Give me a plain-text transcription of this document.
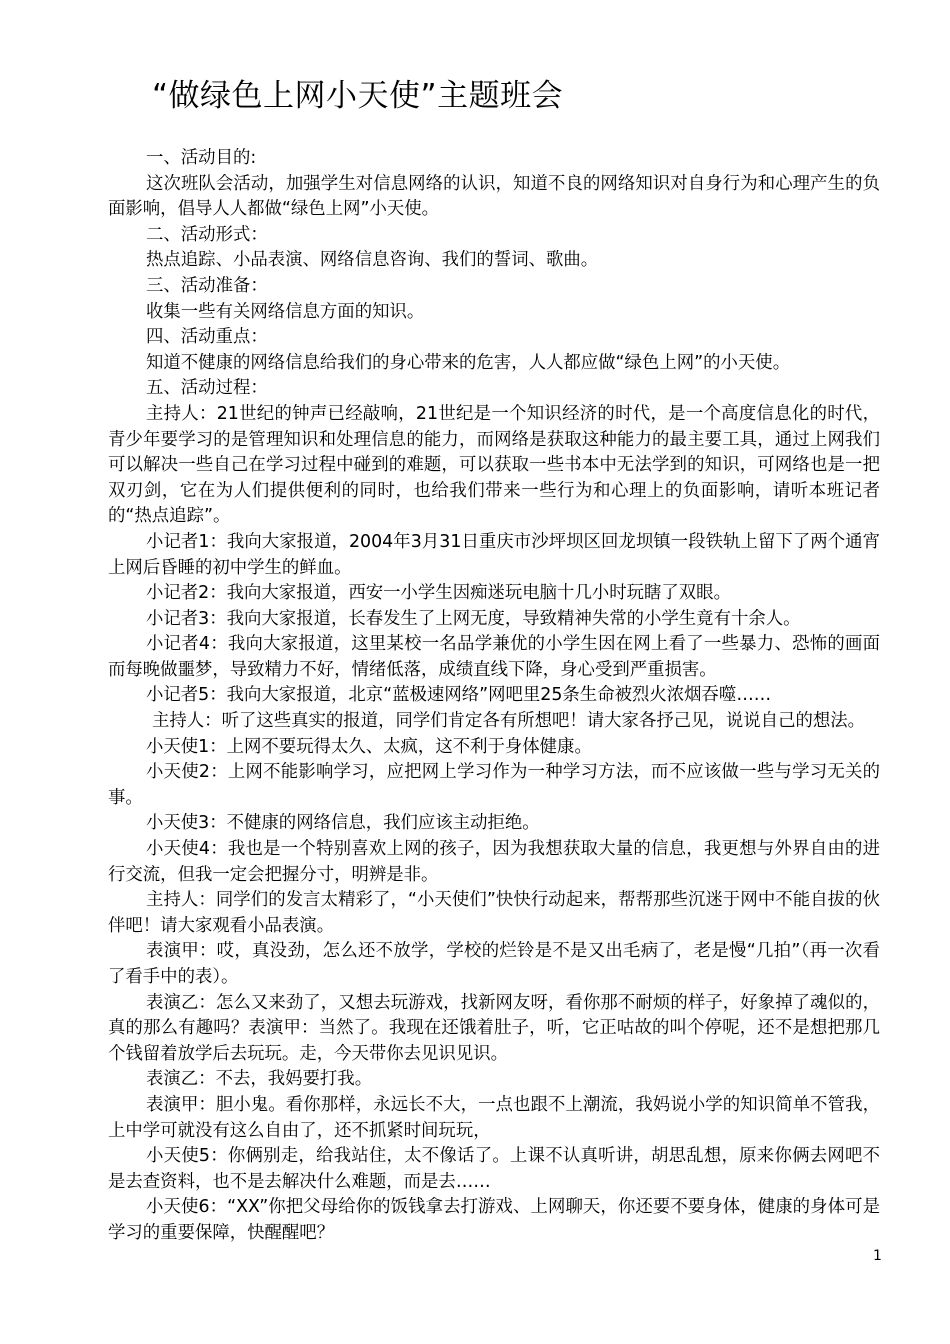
“做绿色上网小天使”主题班会

一、活动目的:

这次班队会活动，加强学生对信息网络的认识，知道不良的网络知识对自身行为和心理产生的负面影响，倡导人人都做“绿色上网”小天使。

二、活动形式：

热点追踪、小品表演、网络信息咨询、我们的誓词、歌曲。

三、活动准备：

收集一些有关网络信息方面的知识。

四、活动重点：

知道不健康的网络信息给我们的身心带来的危害，人人都应做“绿色上网”的小天使。

五、活动过程：

主持人：21世纪的钟声已经敲响，21世纪是一个知识经济的时代，是一个高度信息化的时代，青少年要学习的是管理知识和处理信息的能力，而网络是获取这种能力的最主要工具，通过上网我们可以解决一些自己在学习过程中碰到的难题，可以获取一些书本中无法学到的知识，可网络也是一把双刃剑，它在为人们提供便利的同时，也给我们带来一些行为和心理上的负面影响，请听本班记者的“热点追踪”。

小记者1：我向大家报道，2004年3月31日重庆市沙坪坝区回龙坝镇一段铁轨上留下了两个通宵上网后昏睡的初中学生的鲜血。

小记者2：我向大家报道，西安一小学生因痴迷玩电脑十几小时玩瞎了双眼。

小记者3：我向大家报道，长春发生了上网无度，导致精神失常的小学生竟有十余人。

小记者4：我向大家报道，这里某校一名品学兼优的小学生因在网上看了一些暴力、恐怖的画面而每晚做噩梦，导致精力不好，情绪低落，成绩直线下降，身心受到严重损害。

小记者5：我向大家报道，北京“蓝极速网络”网吧里25条生命被烈火浓烟吞噬……

主持人：听了这些真实的报道，同学们肯定各有所想吧！请大家各抒己见，说说自己的想法。

小天使1：上网不要玩得太久、太疯，这不利于身体健康。

小天使2：上网不能影响学习，应把网上学习作为一种学习方法，而不应该做一些与学习无关的事。

小天使3：不健康的网络信息，我们应该主动拒绝。

小天使4：我也是一个特别喜欢上网的孩子，因为我想获取大量的信息，我更想与外界自由的进行交流，但我一定会把握分寸，明辨是非。

主持人：同学们的发言太精彩了，“小天使们”快快行动起来，帮帮那些沉迷于网中不能自拔的伙伴吧！请大家观看小品表演。

表演甲：哎，真没劲，怎么还不放学，学校的烂铃是不是又出毛病了，老是慢“几拍”（再一次看了看手中的表）。

表演乙：怎么又来劲了，又想去玩游戏，找新网友呀，看你那不耐烦的样子，好象掉了魂似的，真的那么有趣吗？表演甲：当然了。我现在还饿着肚子，听，它正咕故的叫个停呢，还不是想把那几个钱留着放学后去玩玩。走，今天带你去见识见识。

表演乙：不去，我妈要打我。

表演甲：胆小鬼。看你那样，永远长不大，一点也跟不上潮流，我妈说小学的知识简单不管我，上中学可就没有这么自由了，还不抓紧时间玩玩，

小天使5：你俩别走，给我站住，太不像话了。上课不认真听讲，胡思乱想，原来你俩去网吧不是去查资料，也不是去解决什么难题，而是去……

小天使6：“XX”你把父母给你的饭钱拿去打游戏、上网聊天，你还要不要身体，健康的身体可是学习的重要保障，快醒醒吧？

1
